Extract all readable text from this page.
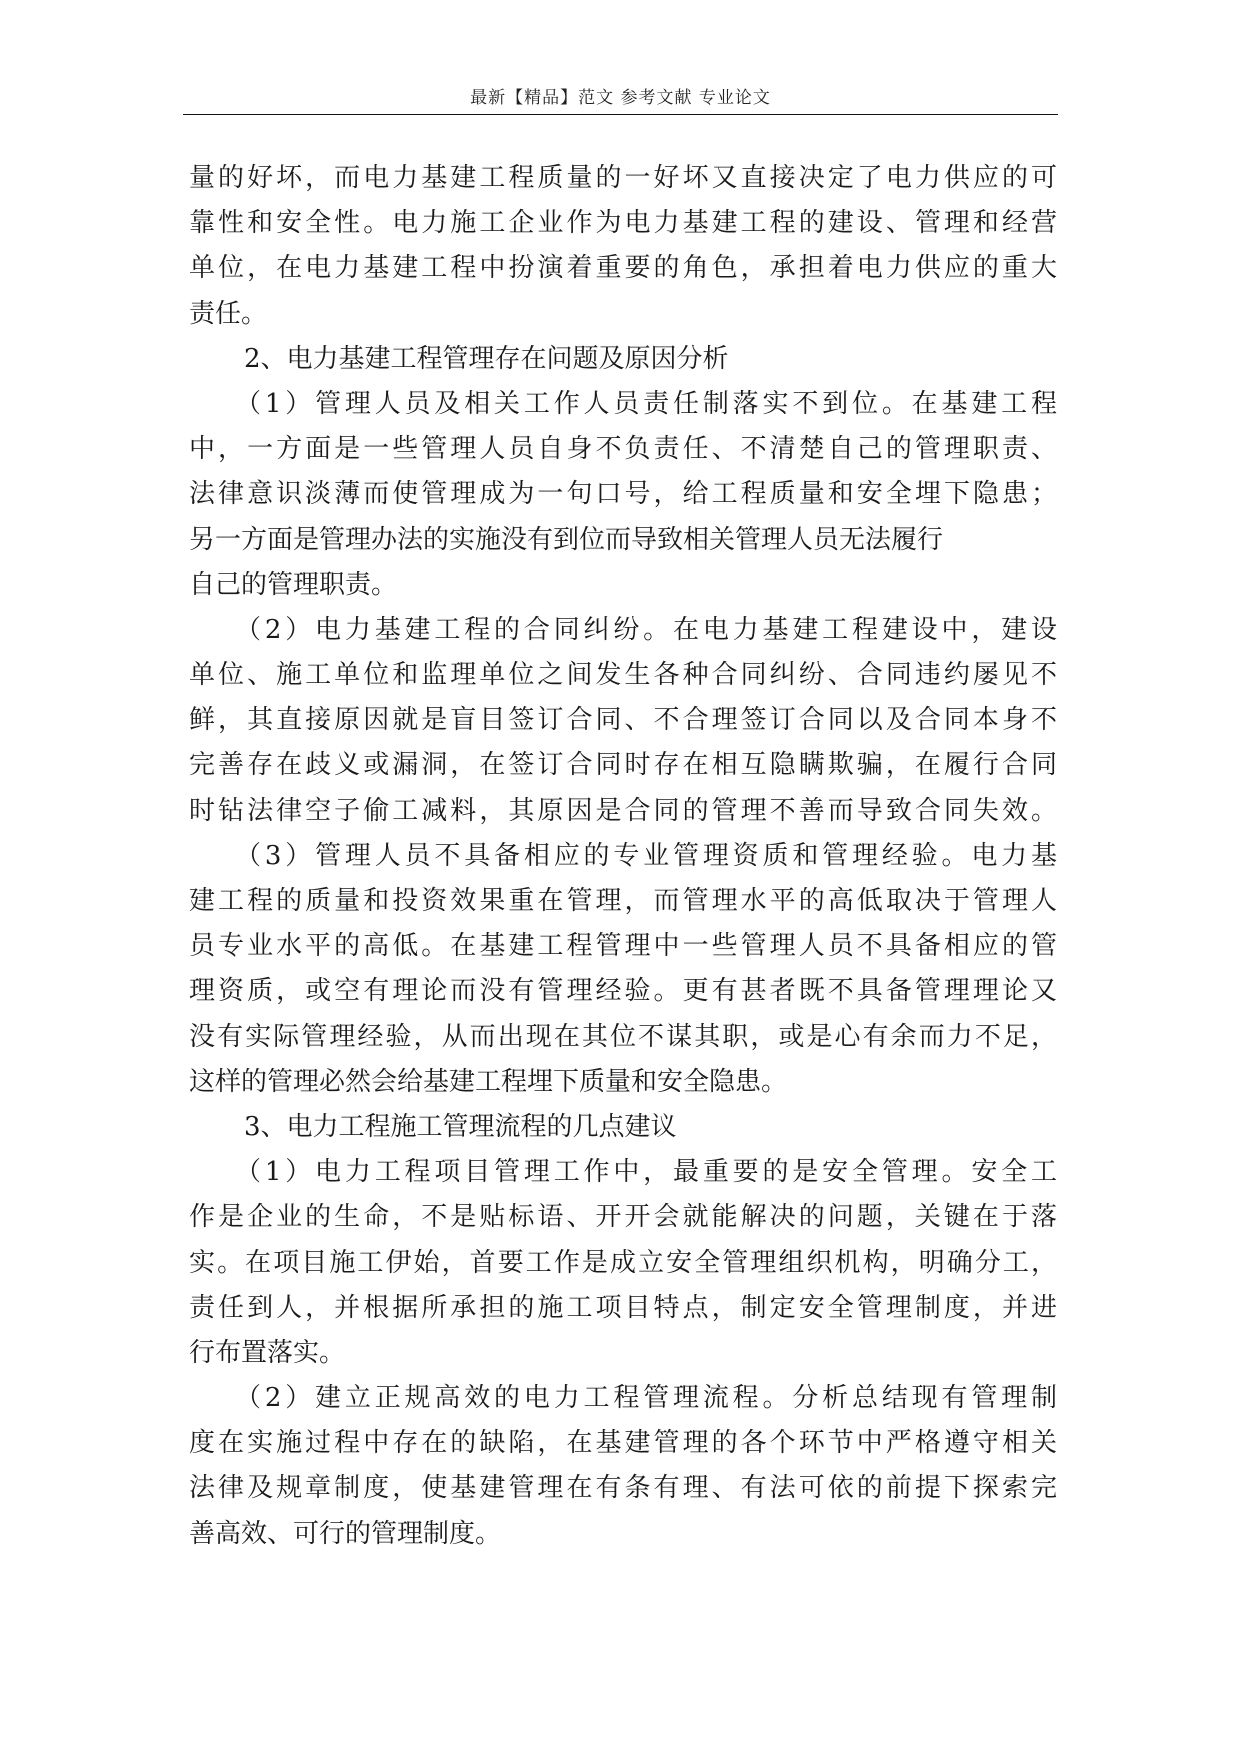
最新【精品】范文 参考文献 专业论文
量的好坏，而电力基建工程质量的一好坏又直接决定了电力供应的可
靠性和安全性。电力施工企业作为电力基建工程的建设、管理和经营
单位，在电力基建工程中扮演着重要的角色，承担着电力供应的重大
责任。
2、电力基建工程管理存在问题及原因分析
（1）管理人员及相关工作人员责任制落实不到位。在基建工程
中，一方面是一些管理人员自身不负责任、不清楚自己的管理职责、
法律意识淡薄而使管理成为一句口号，给工程质量和安全埋下隐患；
另一方面是管理办法的实施没有到位而导致相关管理人员无法履行
自己的管理职责。
（2）电力基建工程的合同纠纷。在电力基建工程建设中，建设
单位、施工单位和监理单位之间发生各种合同纠纷、合同违约屡见不
鲜，其直接原因就是盲目签订合同、不合理签订合同以及合同本身不
完善存在歧义或漏洞，在签订合同时存在相互隐瞒欺骗，在履行合同
时钻法律空子偷工减料，其原因是合同的管理不善而导致合同失效。
（3）管理人员不具备相应的专业管理资质和管理经验。电力基
建工程的质量和投资效果重在管理，而管理水平的高低取决于管理人
员专业水平的高低。在基建工程管理中一些管理人员不具备相应的管
理资质，或空有理论而没有管理经验。更有甚者既不具备管理理论又
没有实际管理经验，从而出现在其位不谋其职，或是心有余而力不足，
这样的管理必然会给基建工程埋下质量和安全隐患。
3、电力工程施工管理流程的几点建议
（1）电力工程项目管理工作中，最重要的是安全管理。安全工
作是企业的生命，不是贴标语、开开会就能解决的问题，关键在于落
实。在项目施工伊始，首要工作是成立安全管理组织机构，明确分工，
责任到人，并根据所承担的施工项目特点，制定安全管理制度，并进
行布置落实。
（2）建立正规高效的电力工程管理流程。分析总结现有管理制
度在实施过程中存在的缺陷，在基建管理的各个环节中严格遵守相关
法律及规章制度，使基建管理在有条有理、有法可依的前提下探索完
善高效、可行的管理制度。
